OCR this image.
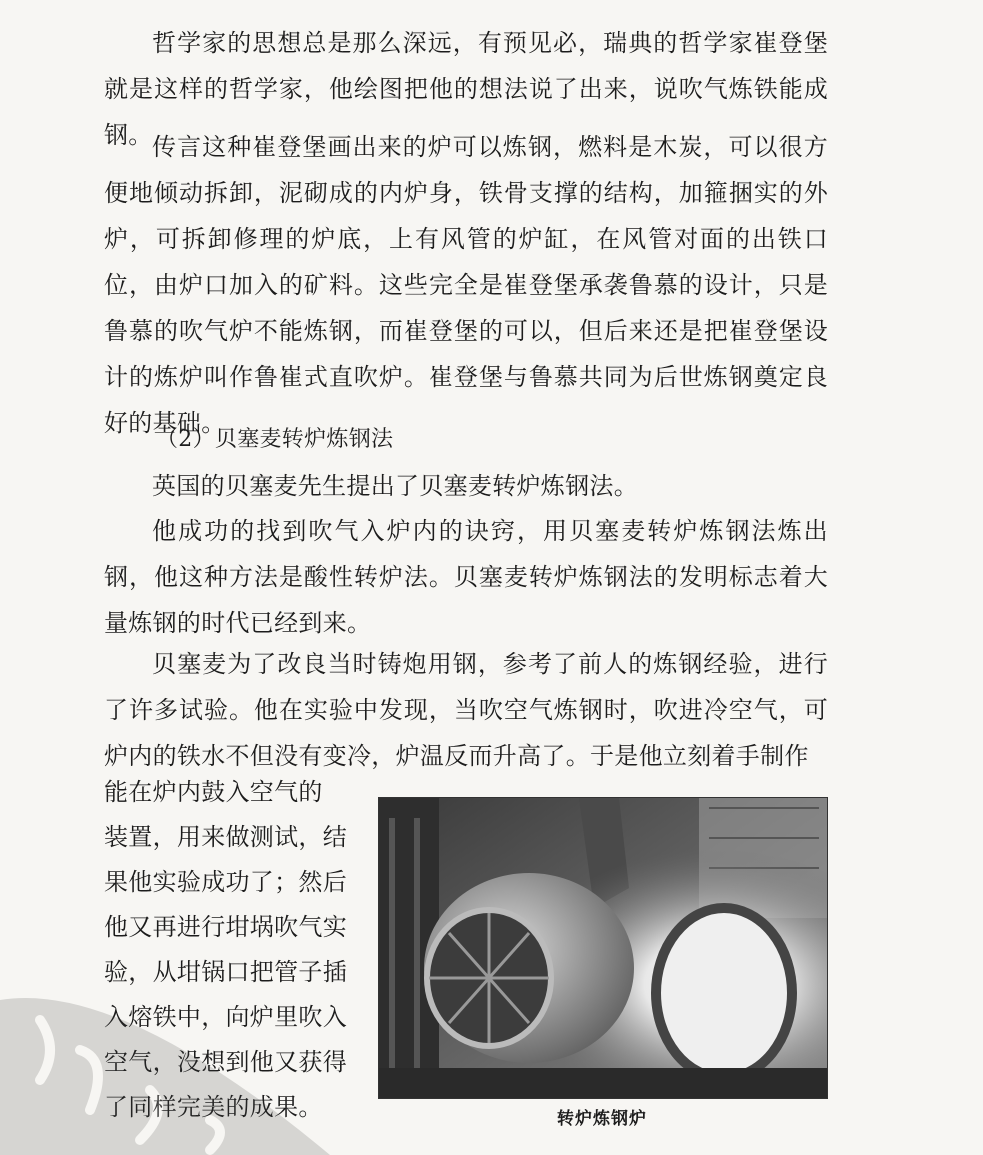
哲学家的思想总是那么深远，有预见必，瑞典的哲学家崔登堡就是这样的哲学家，他绘图把他的想法说了出来，说吹气炼铁能成钢。 传言这种崔登堡画出来的炉可以炼钢，燃料是木炭，可以很方便地倾动拆卸，泥砌成的内炉身，铁骨支撑的结构，加箍捆实的外炉，可拆卸修理的炉底，上有风管的炉缸，在风管对面的出铁口位，由炉口加入的矿料。这些完全是崔登堡承袭鲁慕的设计，只是鲁慕的吹气炉不能炼钢，而崔登堡的可以，但后来还是把崔登堡设计的炼炉叫作鲁崔式直吹炉。崔登堡与鲁慕共同为后世炼钢奠定良好的基础。

（2）贝塞麦转炉炼钢法

英国的贝塞麦先生提出了贝塞麦转炉炼钢法。

他成功的找到吹气入炉内的诀窍，用贝塞麦转炉炼钢法炼出钢，他这种方法是酸性转炉法。贝塞麦转炉炼钢法的发明标志着大量炼钢的时代已经到来。

贝塞麦为了改良当时铸炮用钢，参考了前人的炼钢经验，进行了许多试验。他在实验中发现，当吹空气炼钢时，吹进冷空气，可炉内的铁水不但没有变冷，炉温反而升高了。于是他立刻着手制作

能在炉内鼓入空气的
装置，用来做测试，结
果他实验成功了；然后
他又再进行坩埚吹气实
验，从坩锅口把管子插
入熔铁中，向炉里吹入
空气，没想到他又获得
了同样完美的成果。	转炉炼钢炉
